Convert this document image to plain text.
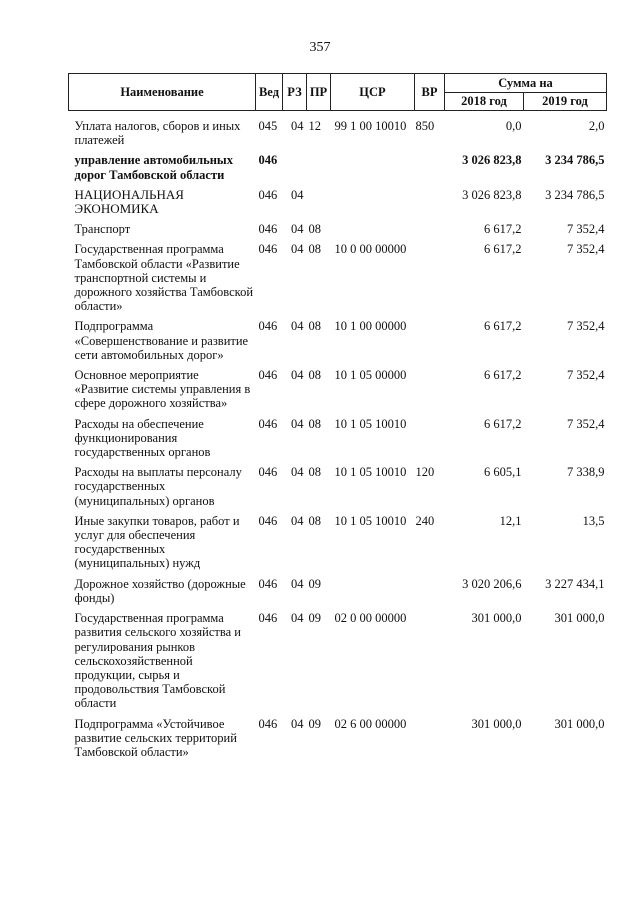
357
Наименование	Вед	РЗ	ПР	ЦСР	ВР	Сумма на	
						2018 год	2019 год
Уплата налогов, сборов и иных платежей	045	04	12	99 1 00 10010	850	0,0	2,0
управление автомобильных дорог Тамбовской области	046					3 026 823,8	3 234 786,5
НАЦИОНАЛЬНАЯ ЭКОНОМИКА	046	04				3 026 823,8	3 234 786,5
Транспорт	046	04	08			6 617,2	7 352,4
Государственная программа Тамбовской области «Развитие транспортной системы и дорожного хозяйства Тамбовской области»	046	04	08	10 0 00 00000		6 617,2	7 352,4
Подпрограмма «Совершенствование и развитие сети автомобильных дорог»	046	04	08	10 1 00 00000		6 617,2	7 352,4
Основное мероприятие «Развитие системы управления в сфере дорожного хозяйства»	046	04	08	10 1 05 00000		6 617,2	7 352,4
Расходы на обеспечение функционирования государственных органов	046	04	08	10 1 05 10010		6 617,2	7 352,4
Расходы на выплаты персоналу государственных (муниципальных) органов	046	04	08	10 1 05 10010	120	6 605,1	7 338,9
Иные закупки товаров, работ и услуг для обеспечения государственных (муниципальных) нужд	046	04	08	10 1 05 10010	240	12,1	13,5
Дорожное хозяйство (дорожные фонды)	046	04	09			3 020 206,6	3 227 434,1
Государственная программа развития сельского хозяйства и регулирования рынков сельскохозяйственной продукции, сырья и продовольствия Тамбовской области	046	04	09	02 0 00 00000		301 000,0	301 000,0
Подпрограмма «Устойчивое развитие сельских территорий Тамбовской области»	046	04	09	02 6 00 00000		301 000,0	301 000,0
